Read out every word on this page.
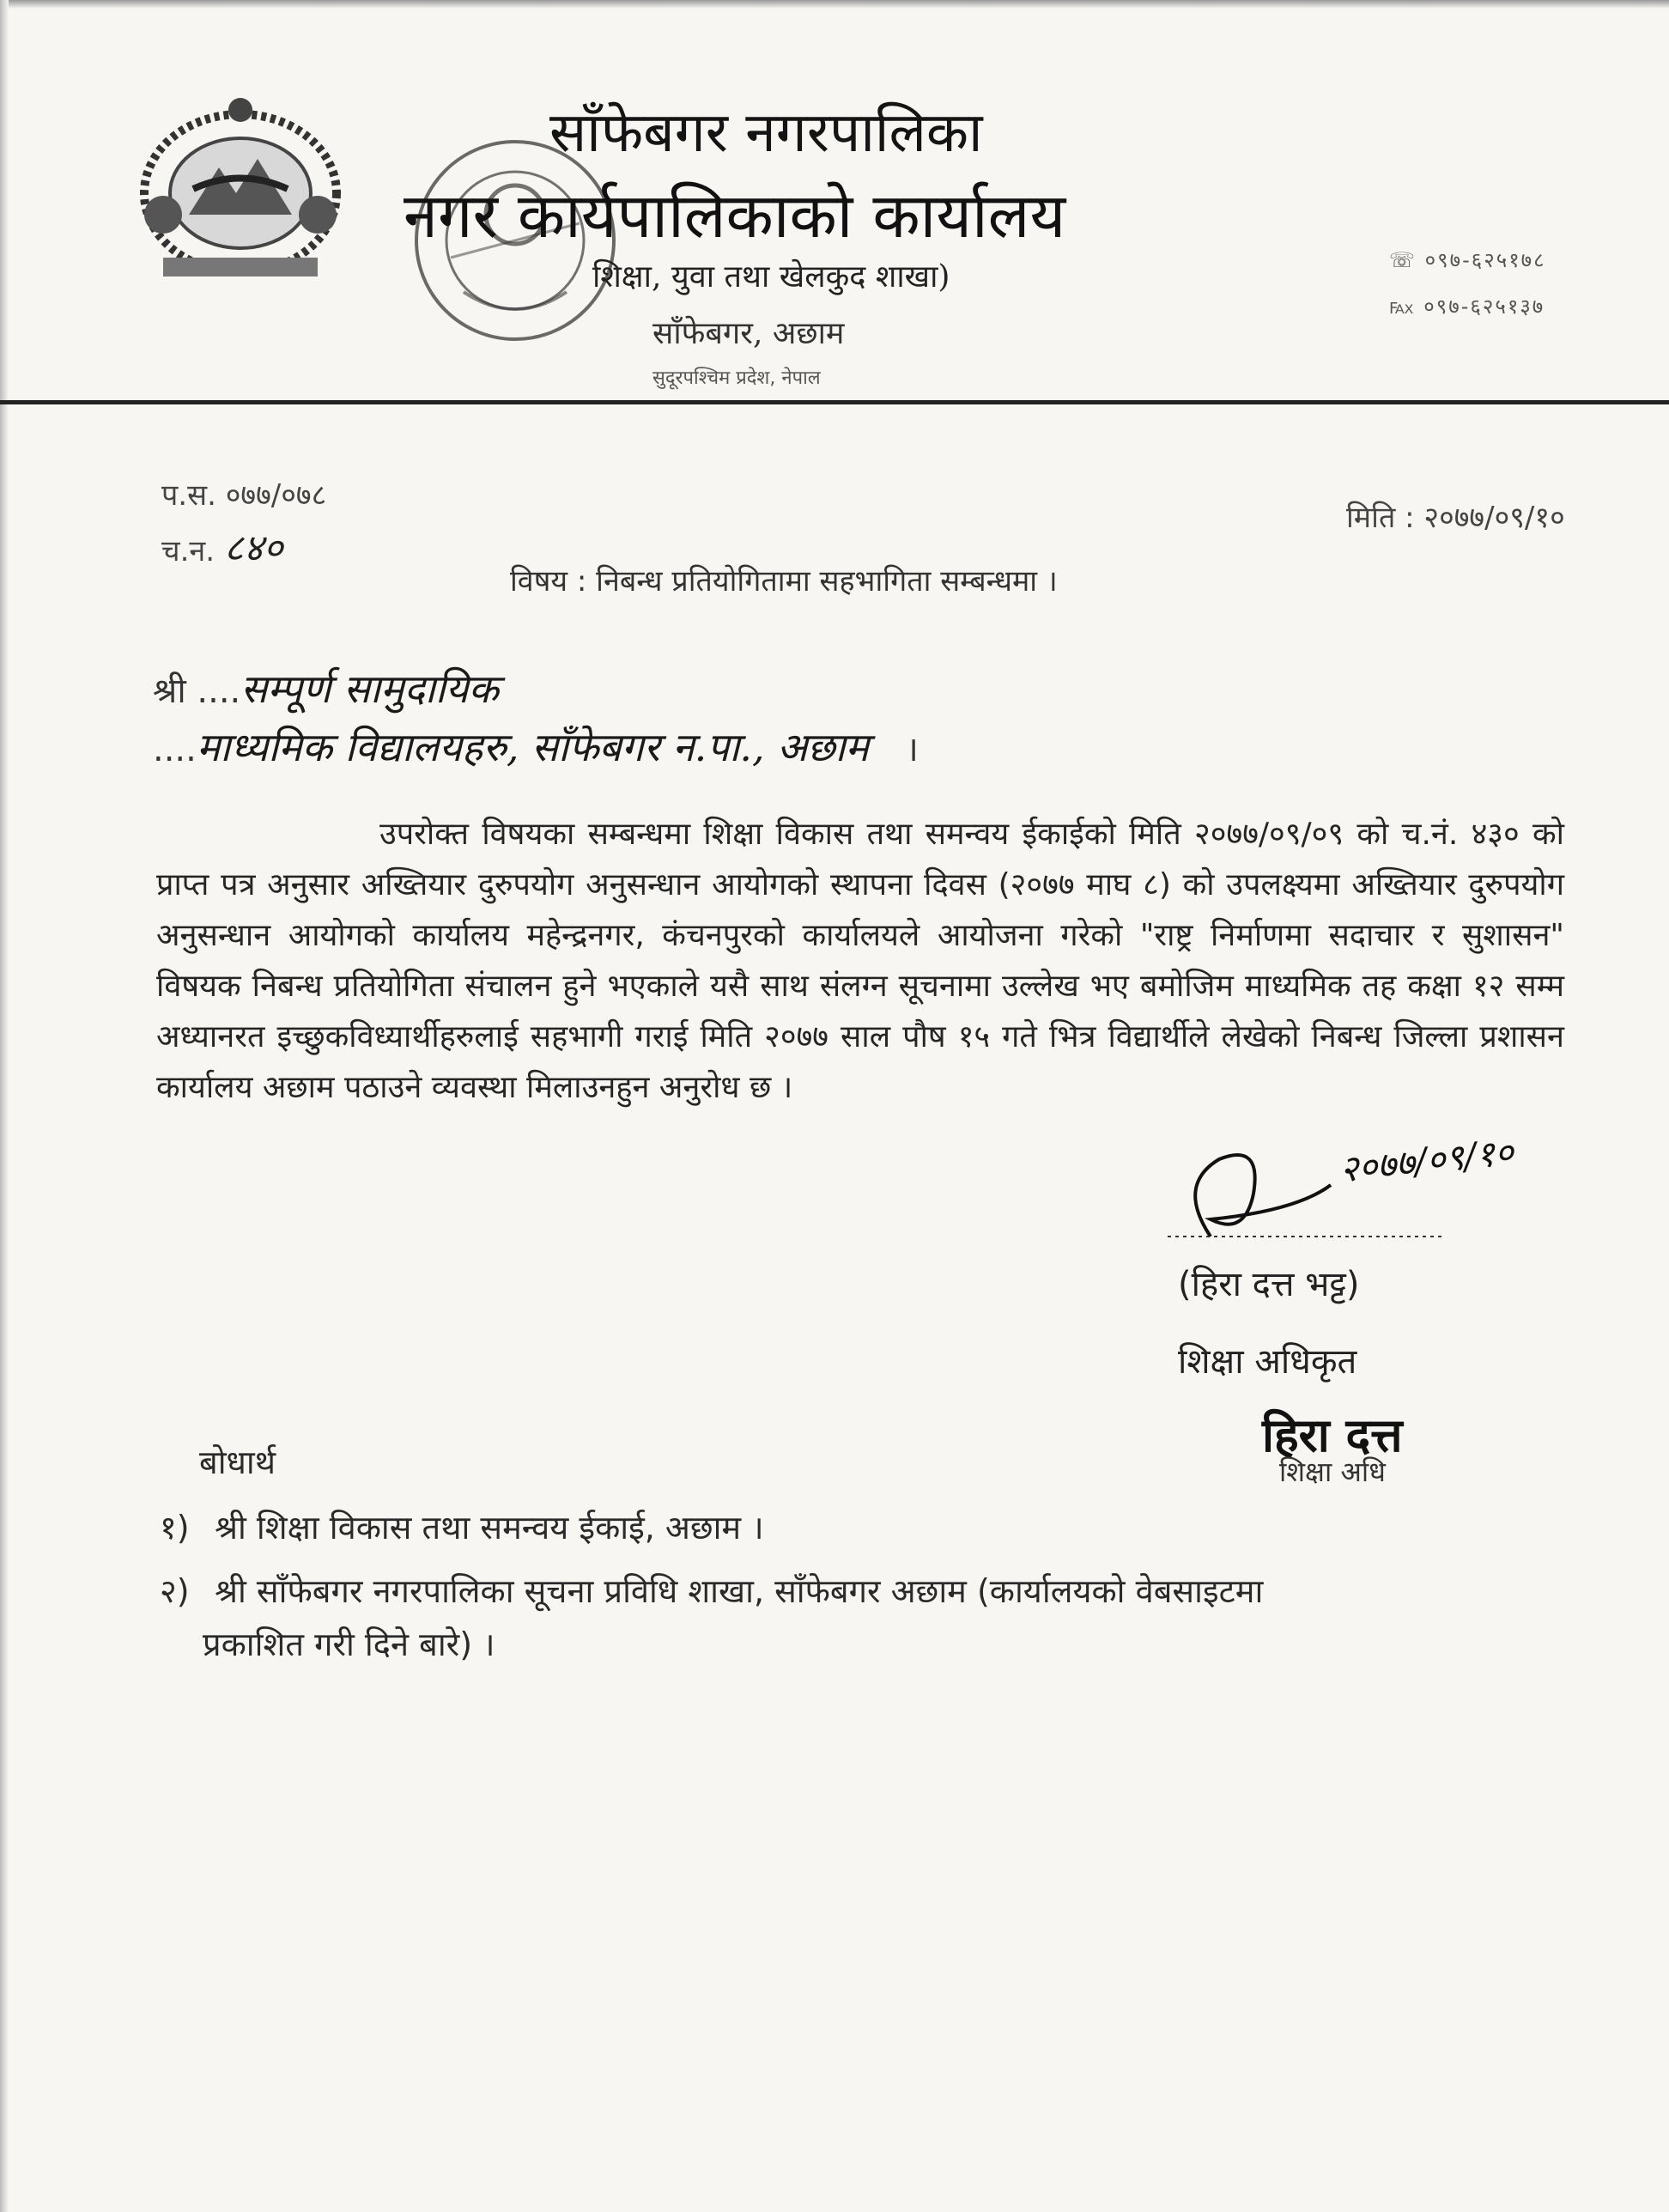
साँफेबगर नगरपालिका
नगर कार्यपालिकाको कार्यालय
शिक्षा, युवा तथा खेलकुद शाखा)
साँफेबगर, अछाम
सुदूरपश्चिम प्रदेश, नेपाल
☏ ०९७-६२५१७८
℻ ०९७-६२५१३७
प.स. ०७७/०७८
च.न. ८४०
मिति : २०७७/०९/१०
विषय : निबन्ध प्रतियोगितामा सहभागिता सम्बन्धमा ।
श्री ....सम्पूर्ण सामुदायिक
....माध्यमिक विद्यालयहरु, साँफेबगर न.पा., अछाम ।
उपरोक्त विषयका सम्बन्धमा शिक्षा विकास तथा समन्वय ईकाईको मिति २०७७/०९/०९ को च.नं. ४३० को प्राप्त पत्र अनुसार अख्तियार दुरुपयोग अनुसन्धान आयोगको स्थापना दिवस (२०७७ माघ ८) को उपलक्ष्यमा अख्तियार दुरुपयोग अनुसन्धान आयोगको कार्यालय महेन्द्रनगर, कंचनपुरको कार्यालयले आयोजना गरेको "राष्ट्र निर्माणमा सदाचार र सुशासन" विषयक निबन्ध प्रतियोगिता संचालन हुने भएकाले यसै साथ संलग्न सूचनामा उल्लेख भए बमोजिम माध्यमिक तह कक्षा १२ सम्म अध्यानरत इच्छुकविध्यार्थीहरुलाई सहभागी गराई मिति २०७७ साल पौष १५ गते भित्र विद्यार्थीले लेखेको निबन्ध जिल्ला प्रशासन कार्यालय अछाम पठाउने व्यवस्था मिलाउनहुन अनुरोध छ ।
२०७७/०९/१०
(हिरा दत्त भट्ट)
शिक्षा अधिकृत
हिरा दत्त
शिक्षा अधि
बोधार्थ
१) श्री शिक्षा विकास तथा समन्वय ईकाई, अछाम ।
२) श्री साँफेबगर नगरपालिका सूचना प्रविधि शाखा, साँफेबगर अछाम (कार्यालयको वेबसाइटमा
प्रकाशित गरी दिने बारे) ।
